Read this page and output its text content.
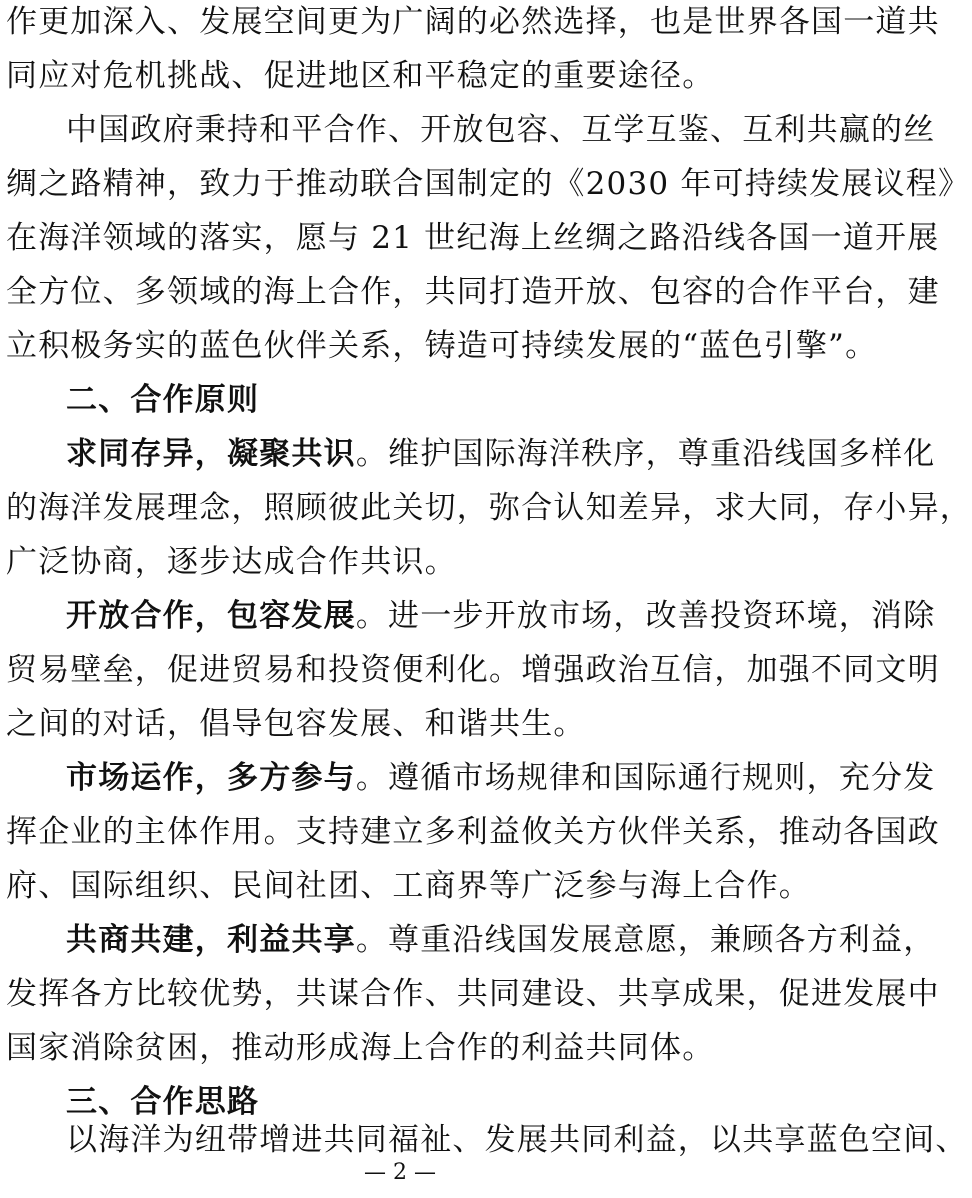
作更加深入、发展空间更为广阔的必然选择，也是世界各国一道共
同应对危机挑战、促进地区和平稳定的重要途径。
中国政府秉持和平合作、开放包容、互学互鉴、互利共赢的丝
绸之路精神，致力于推动联合国制定的《2030 年可持续发展议程》
在海洋领域的落实，愿与 21 世纪海上丝绸之路沿线各国一道开展
全方位、多领域的海上合作，共同打造开放、包容的合作平台，建
立积极务实的蓝色伙伴关系，铸造可持续发展的“蓝色引擎”。
二、合作原则
求同存异，凝聚共识。维护国际海洋秩序，尊重沿线国多样化
的海洋发展理念，照顾彼此关切，弥合认知差异，求大同，存小异，
广泛协商，逐步达成合作共识。
开放合作，包容发展。进一步开放市场，改善投资环境，消除
贸易壁垒，促进贸易和投资便利化。增强政治互信，加强不同文明
之间的对话，倡导包容发展、和谐共生。
市场运作，多方参与。遵循市场规律和国际通行规则，充分发
挥企业的主体作用。支持建立多利益攸关方伙伴关系，推动各国政
府、国际组织、民间社团、工商界等广泛参与海上合作。
共商共建，利益共享。尊重沿线国发展意愿，兼顾各方利益，
发挥各方比较优势，共谋合作、共同建设、共享成果，促进发展中
国家消除贫困，推动形成海上合作的利益共同体。
三、合作思路
以海洋为纽带增进共同福祉、发展共同利益，以共享蓝色空间、
— 2 —
